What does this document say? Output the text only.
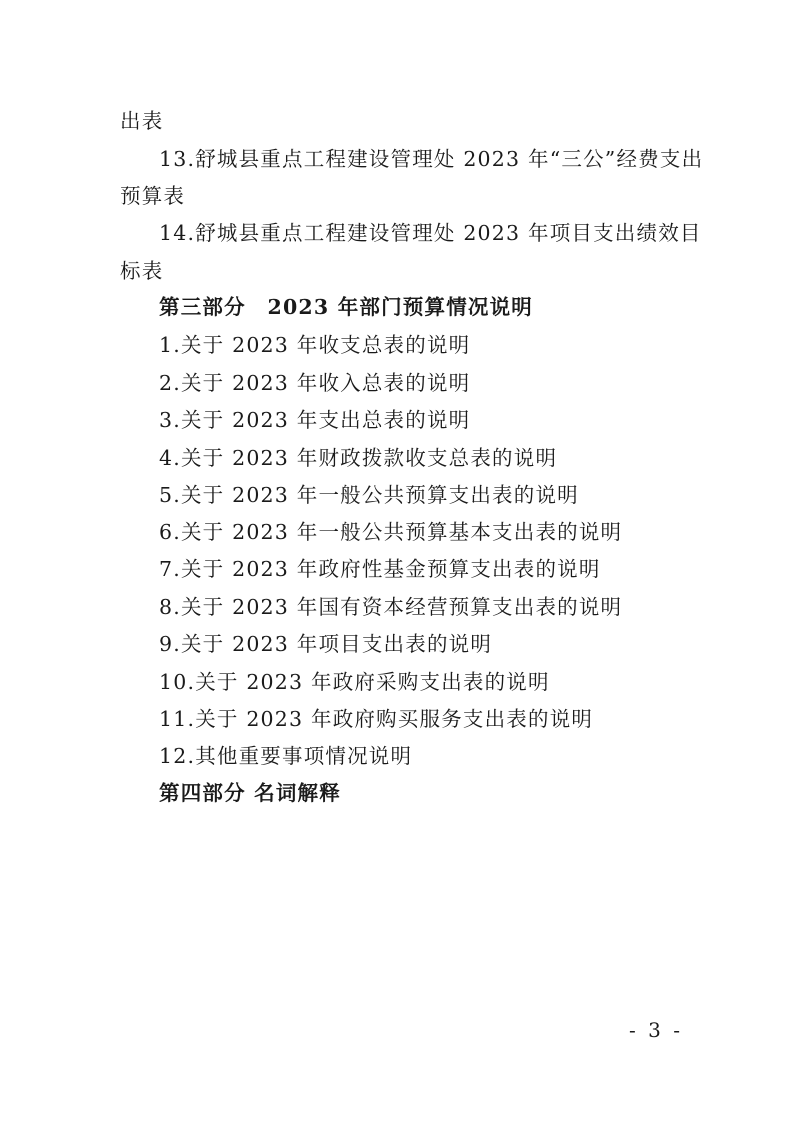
出表
13.舒城县重点工程建设管理处 2023 年“三公”经费支出
预算表
14.舒城县重点工程建设管理处 2023 年项目支出绩效目
标表
第三部分　2023 年部门预算情况说明
1.关于 2023 年收支总表的说明
2.关于 2023 年收入总表的说明
3.关于 2023 年支出总表的说明
4.关于 2023 年财政拨款收支总表的说明
5.关于 2023 年一般公共预算支出表的说明
6.关于 2023 年一般公共预算基本支出表的说明
7.关于 2023 年政府性基金预算支出表的说明
8.关于 2023 年国有资本经营预算支出表的说明
9.关于 2023 年项目支出表的说明
10.关于 2023 年政府采购支出表的说明
11.关于 2023 年政府购买服务支出表的说明
12.其他重要事项情况说明
第四部分 名词解释
- 3 -
